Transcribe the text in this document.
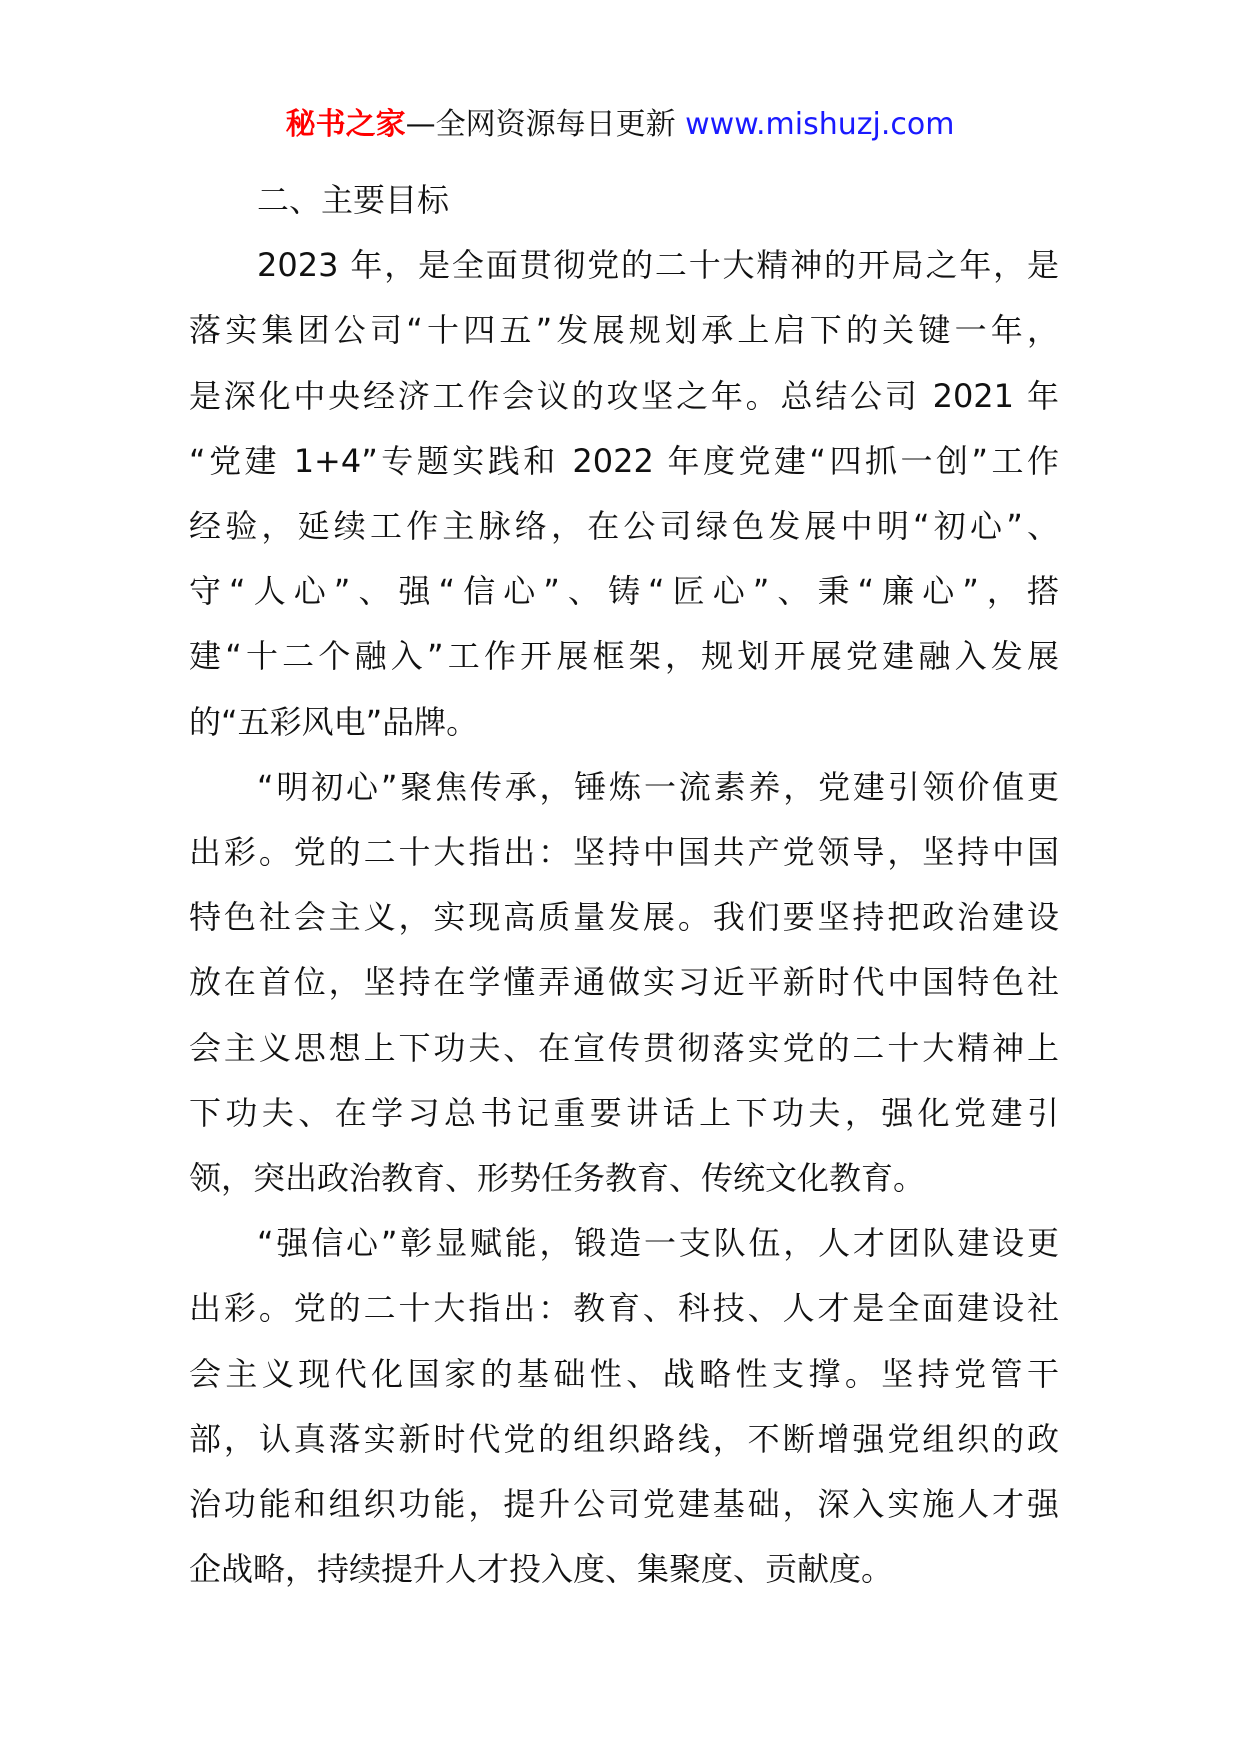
秘书之家—全网资源每日更新 www.mishuzj.com
二、主要目标
2023 年，是全面贯彻党的二十大精神的开局之年，是
落实集团公司“十四五”发展规划承上启下的关键一年，
是深化中央经济工作会议的攻坚之年。总结公司 2021 年
“党建 1+4”专题实践和 2022 年度党建“四抓一创”工作
经验，延续工作主脉络，在公司绿色发展中明“初心”、
守“人心”、强“信心”、铸“匠心”、秉“廉心”，搭
建“十二个融入”工作开展框架，规划开展党建融入发展
的“五彩风电”品牌。
“明初心”聚焦传承，锤炼一流素养，党建引领价值更
出彩。党的二十大指出：坚持中国共产党领导，坚持中国
特色社会主义，实现高质量发展。我们要坚持把政治建设
放在首位，坚持在学懂弄通做实习近平新时代中国特色社
会主义思想上下功夫、在宣传贯彻落实党的二十大精神上
下功夫、在学习总书记重要讲话上下功夫，强化党建引
领，突出政治教育、形势任务教育、传统文化教育。
“强信心”彰显赋能，锻造一支队伍，人才团队建设更
出彩。党的二十大指出：教育、科技、人才是全面建设社
会主义现代化国家的基础性、战略性支撑。坚持党管干
部，认真落实新时代党的组织路线，不断增强党组织的政
治功能和组织功能，提升公司党建基础，深入实施人才强
企战略，持续提升人才投入度、集聚度、贡献度。
